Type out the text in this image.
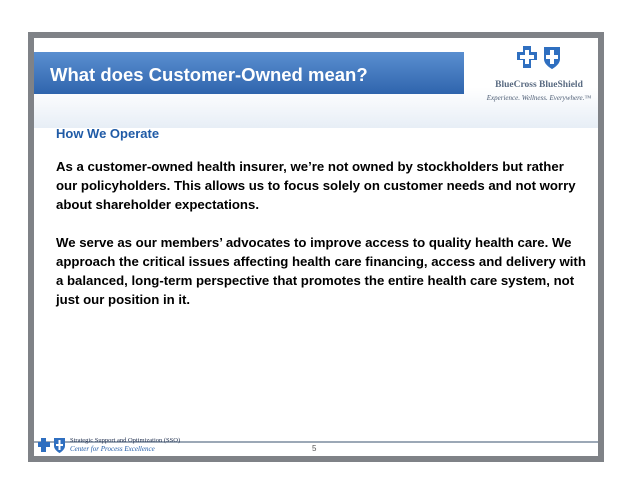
What does Customer-Owned mean?	BlueCross BlueShield
Experience. Wellness. Everywhere.™
How We Operate
As a customer-owned health insurer, we’re not owned by stockholders but rather our policyholders. This allows us to focus solely on customer needs and not worry about shareholder expectations.
We serve as our members’ advocates to improve access to quality health care. We approach the critical issues affecting health care financing, access and delivery with a balanced, long-term perspective that promotes the entire health care system, not just our position in it.
Strategic Support and Optimization (SSO)
Center for Process Excellence	5
